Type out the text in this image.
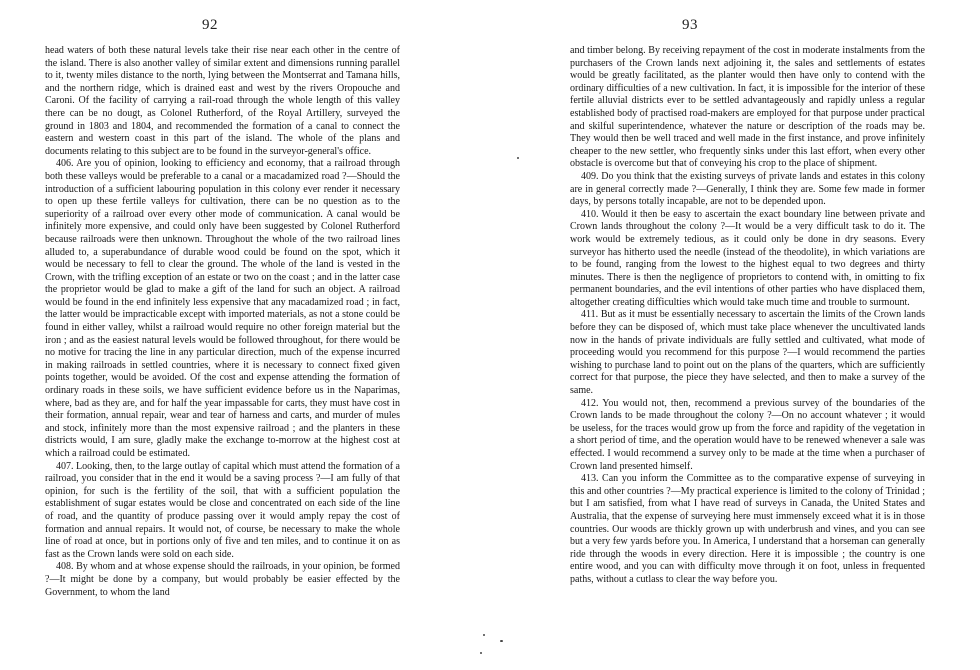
92

head waters of both these natural levels take their rise near each other in the centre of the island. There is also another valley of similar extent and dimensions running parallel to it, twenty miles distance to the north, lying between the Montserrat and Tamana hills, and the northern ridge, which is drained east and west by the rivers Oropouche and Caroni. Of the facility of carrying a rail-road through the whole length of this valley there can be no dougt, as Colonel Rutherford, of the Royal Artillery, surveyed the ground in 1803 and 1804, and recommended the formation of a canal to connect the eastern and western coast in this part of the island. The whole of the plans and documents relating to this subject are to be found in the surveyor-general's office.

406. Are you of opinion, looking to efficiency and economy, that a railroad through both these valleys would be preferable to a canal or a macadamized road ?—Should the introduction of a sufficient labouring population in this colony ever render it necessary to open up these fertile valleys for cultivation, there can be no question as to the superiority of a railroad over every other mode of communication. A canal would be infinitely more expensive, and could only have been suggested by Colonel Rutherford because railroads were then unknown. Throughout the whole of the two railroad lines alluded to, a superabundance of durable wood could be found on the spot, which it would be necessary to fell to clear the ground. The whole of the land is vested in the Crown, with the trifling exception of an estate or two on the coast ; and in the latter case the proprietor would be glad to make a gift of the land for such an object. A railroad would be found in the end infinitely less expensive that any macadamized road ; in fact, the latter would be impracticable except with imported materials, as not a stone could be found in either valley, whilst a railroad would require no other foreign material but the iron ; and as the easiest natural levels would be followed throughout, for there would be no motive for tracing the line in any particular direction, much of the expense incurred in making railroads in settled countries, where it is necessary to connect fixed given points together, would be avoided. Of the cost and expense attending the formation of ordinary roads in these soils, we have sufficient evidence before us in the Naparimas, where, bad as they are, and for half the year impassable for carts, they must have cost in their formation, annual repair, wear and tear of harness and carts, and murder of mules and stock, infinitely more than the most expensive railroad ; and the planters in these districts would, I am sure, gladly make the exchange to-morrow at the highest cost at which a railroad could be estimated.

407. Looking, then, to the large outlay of capital which must attend the formation of a railroad, you consider that in the end it would be a saving process ?—I am fully of that opinion, for such is the fertility of the soil, that with a sufficient population the establishment of sugar estates would be close and concentrated on each side of the line of road, and the quantity of produce passing over it would amply repay the cost of formation and annual repairs. It would not, of course, be necessary to make the whole line of road at once, but in portions only of five and ten miles, and to continue it on as fast as the Crown lands were sold on each side.

408. By whom and at whose expense should the railroads, in your opinion, be formed ?—It might be done by a company, but would probably be easier effected by the Government, to whom the land

93

and timber belong. By receiving repayment of the cost in moderate instalments from the purchasers of the Crown lands next adjoining it, the sales and settlements of estates would be greatly facilitated, as the planter would then have only to contend with the ordinary difficulties of a new cultivation. In fact, it is impossible for the interior of these fertile alluvial districts ever to be settled advantageously and rapidly unless a regular established body of practised road-makers are employed for that purpose under practical and skilful superintendence, whatever the nature or description of the roads may be. They would then be well traced and well made in the first instance, and prove infinitely cheaper to the new settler, who frequently sinks under this last effort, when every other obstacle is overcome but that of conveying his crop to the place of shipment.

409. Do you think that the existing surveys of private lands and estates in this colony are in general correctly made ?—Generally, I think they are. Some few made in former days, by persons totally incapable, are not to be depended upon.

410. Would it then be easy to ascertain the exact boundary line between private and Crown lands throughout the colony ?—It would be a very difficult task to do it. The work would be extremely tedious, as it could only be done in dry seasons. Every surveyor has hitherto used the needle (instead of the theodolite), in which variations are to be found, ranging from the lowest to the highest equal to two degrees and thirty minutes. There is then the negligence of proprietors to contend with, in omitting to fix permanent boundaries, and the evil intentions of other parties who have displaced them, altogether creating difficulties which would take much time and trouble to surmount.

411. But as it must be essentially necessary to ascertain the limits of the Crown lands before they can be disposed of, which must take place whenever the uncultivated lands now in the hands of private individuals are fully settled and cultivated, what mode of proceeding would you recommend for this purpose ?—I would recommend the parties wishing to purchase land to point out on the plans of the quarters, which are sufficiently correct for that purpose, the piece they have selected, and then to make a survey of the same.

412. You would not, then, recommend a previous survey of the boundaries of the Crown lands to be made throughout the colony ?—On no account whatever ; it would be useless, for the traces would grow up from the force and rapidity of the vegetation in a short period of time, and the operation would have to be renewed whenever a sale was effected. I would recommend a survey only to be made at the time when a purchaser of Crown land presented himself.

413. Can you inform the Committee as to the comparative expense of surveying in this and other countries ?—My practical experience is limited to the colony of Trinidad ; but I am satisfied, from what I have read of surveys in Canada, the United States and Australia, that the expense of surveying here must immensely exceed what it is in those countries. Our woods are thickly grown up with underbrush and vines, and you can see but a very few yards before you. In America, I understand that a horseman can generally ride through the woods in every direction. Here it is impossible ; the country is one entire wood, and you can with difficulty move through it on foot, unless in frequented paths, without a cutlass to clear the way before you.
